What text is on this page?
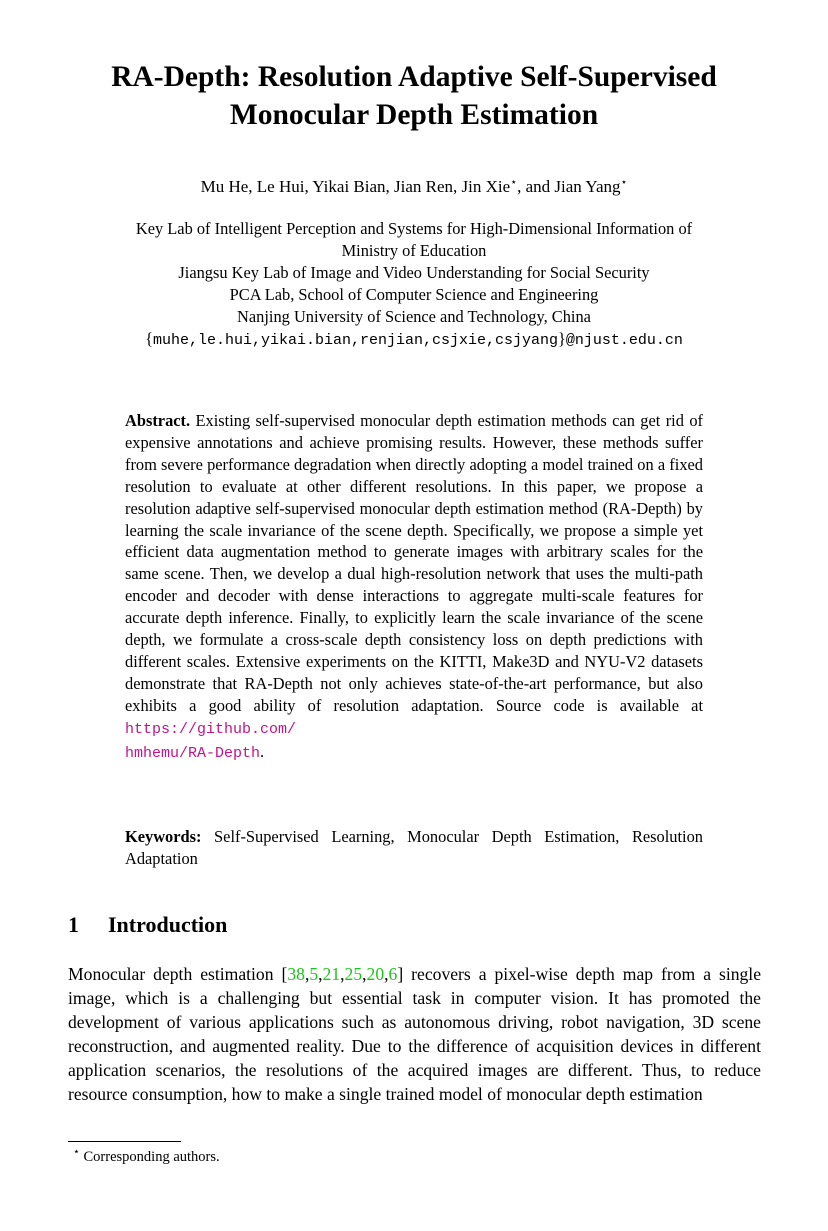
RA-Depth: Resolution Adaptive Self-Supervised
Monocular Depth Estimation
Mu He, Le Hui, Yikai Bian, Jian Ren, Jin Xie⋆, and Jian Yang⋆
Key Lab of Intelligent Perception and Systems for High-Dimensional Information of
Ministry of Education
Jiangsu Key Lab of Image and Video Understanding for Social Security
PCA Lab, School of Computer Science and Engineering
Nanjing University of Science and Technology, China
{muhe,le.hui,yikai.bian,renjian,csjxie,csjyang}@njust.edu.cn
Abstract. Existing self-supervised monocular depth estimation methods can get rid of expensive annotations and achieve promising results. However, these methods suffer from severe performance degradation when directly adopting a model trained on a fixed resolution to evaluate at other different resolutions. In this paper, we propose a resolution adaptive self-supervised monocular depth estimation method (RA-Depth) by learning the scale invariance of the scene depth. Specifically, we propose a simple yet efficient data augmentation method to generate images with arbitrary scales for the same scene. Then, we develop a dual high-resolution network that uses the multi-path encoder and decoder with dense interactions to aggregate multi-scale features for accurate depth inference. Finally, to explicitly learn the scale invariance of the scene depth, we formulate a cross-scale depth consistency loss on depth predictions with different scales. Extensive experiments on the KITTI, Make3D and NYU-V2 datasets demonstrate that RA-Depth not only achieves state-of-the-art performance, but also exhibits a good ability of resolution adaptation. Source code is available at https://github.com/
hmhemu/RA-Depth.
Keywords: Self-Supervised Learning, Monocular Depth Estimation, Resolution Adaptation
1 Introduction
Monocular depth estimation [38,5,21,25,20,6] recovers a pixel-wise depth map from a single image, which is a challenging but essential task in computer vision. It has promoted the development of various applications such as autonomous driving, robot navigation, 3D scene reconstruction, and augmented reality. Due to the difference of acquisition devices in different application scenarios, the resolutions of the acquired images are different. Thus, to reduce resource consumption, how to make a single trained model of monocular depth estimation
⋆ Corresponding authors.
